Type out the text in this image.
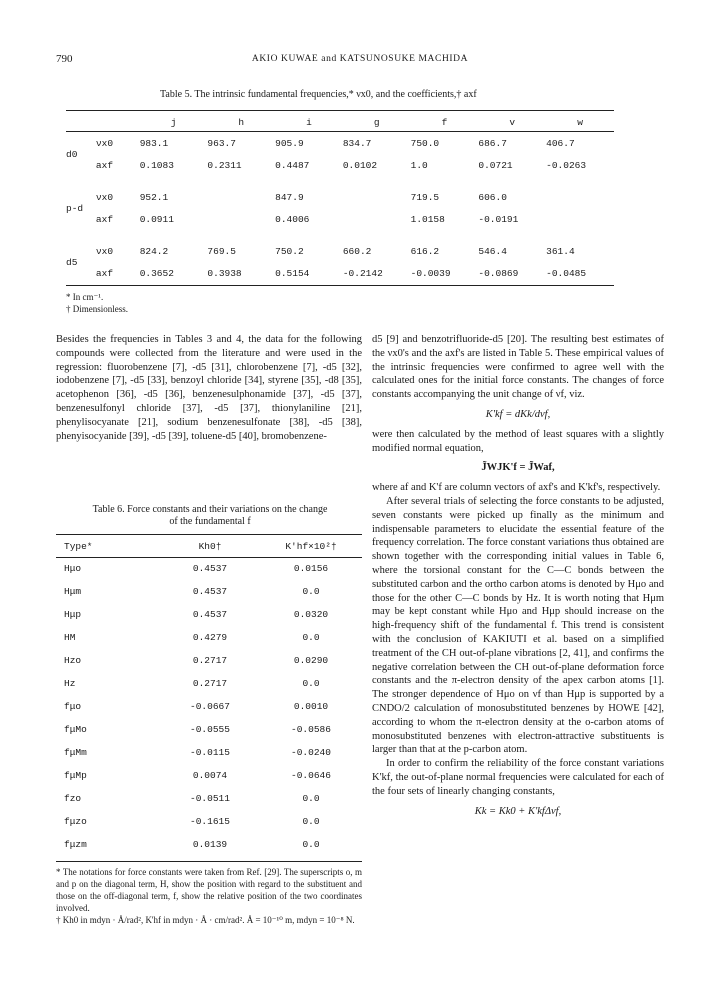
790	AKIO KUWAE and KATSUNOSUKE MACHIDA
Table 5. The intrinsic fundamental frequencies,* νx0, and the coefficients,† axf
		j	h	i	g	f	v	w
d0	νx0	983.1	963.7	905.9	834.7	750.0	686.7	406.7
	axf	0.1083	0.2311	0.4487	0.0102	1.0	0.0721	-0.0263

p-d	νx0	952.1		847.9		719.5	606.0	
	axf	0.0911		0.4006		1.0158	-0.0191	

d5	νx0	824.2	769.5	750.2	660.2	616.2	546.4	361.4
	axf	0.3652	0.3938	0.5154	-0.2142	-0.0039	-0.0869	-0.0485
* In cm⁻¹.
† Dimensionless.

Besides the frequencies in Tables 3 and 4, the data for the following compounds were collected from the literature and were used in the regression: fluorobenzene [7], -d5 [31], chlorobenzene [7], -d5 [32], iodobenzene [7], -d5 [33], benzoyl chloride [34], styrene [35], -d8 [35], acetophenon [36], -d5 [36], benzenesulphonamide [37], -d5 [37], benzenesulfonyl chloride [37], -d5 [37], thionylaniline [21], phenylisocyanate [21], sodium benzenesulfonate [38], -d5 [38], phenyisocyanide [39], -d5 [39], toluene-d5 [40], bromobenzene-

Table 6. Force constants and their variations on the change
of the fundamental f
Type*	Kh0†	K'hf×10²†
Hμo	0.4537	0.0156
Hμm	0.4537	0.0
Hμp	0.4537	0.0320
HM	0.4279	0.0
Hzo	0.2717	0.0290
Hz	0.2717	0.0
fμo	-0.0667	0.0010
fμMo	-0.0555	-0.0586
fμMm	-0.0115	-0.0240
fμMp	0.0074	-0.0646
fzo	-0.0511	0.0
fμzo	-0.1615	0.0
fμzm	0.0139	0.0
* The notations for force constants were taken from Ref. [29]. The superscripts o, m and p on the diagonal term, H, show the position with regard to the substituent and those on the off-diagonal term, f, show the relative position of the two coordinates involved.
† Kh0 in mdyn · Å/rad², K'hf in mdyn · Å · cm/rad². Å = 10⁻¹⁰ m, mdyn = 10⁻⁸ N.

d5 [9] and benzotrifluoride-d5 [20]. The resulting best estimates of the νx0's and the axf's are listed in Table 5. These empirical values of the intrinsic frequencies were confirmed to agree well with the calculated ones for the initial force constants. The changes of force constants accompanying the unit change of νf, viz.

K'kf = dKk/dνf,

were then calculated by the method of least squares with a slightly modified normal equation,

J̃WJK'f = J̃Waf,

where af and K'f are column vectors of axf's and K'kf's, respectively.

After several trials of selecting the force constants to be adjusted, seven constants were picked up finally as the minimum and indispensable parameters to elucidate the essential feature of the frequency correlation. The force constant variations thus obtained are shown together with the corresponding initial values in Table 6, where the torsional constant for the C—C bonds between the substituted carbon and the ortho carbon atoms is denoted by Hμo and those for the other C—C bonds by Hz. It is worth noting that Hμm may be kept constant while Hμo and Hμp should increase on the high-frequency shift of the fundamental f. This trend is consistent with the conclusion of KAKIUTI et al. based on a simplified treatment of the CH out-of-plane vibrations [2, 41], and confirms the negative correlation between the CH out-of-plane deformation force constants and the π-electron density of the apex carbon atoms [1]. The stronger dependence of Hμo on νf than Hμp is supported by a CNDO/2 calculation of monosubstituted benzenes by HOWE [42], according to whom the π-electron density at the o-carbon atoms of monosubstituted benzenes with electron-attractive substituents is larger than that at the p-carbon atom.

In order to confirm the reliability of the force constant variations K'kf, the out-of-plane normal frequencies were calculated for each of the four sets of linearly changing constants,

Kk = Kk0 + K'kfΔνf,
